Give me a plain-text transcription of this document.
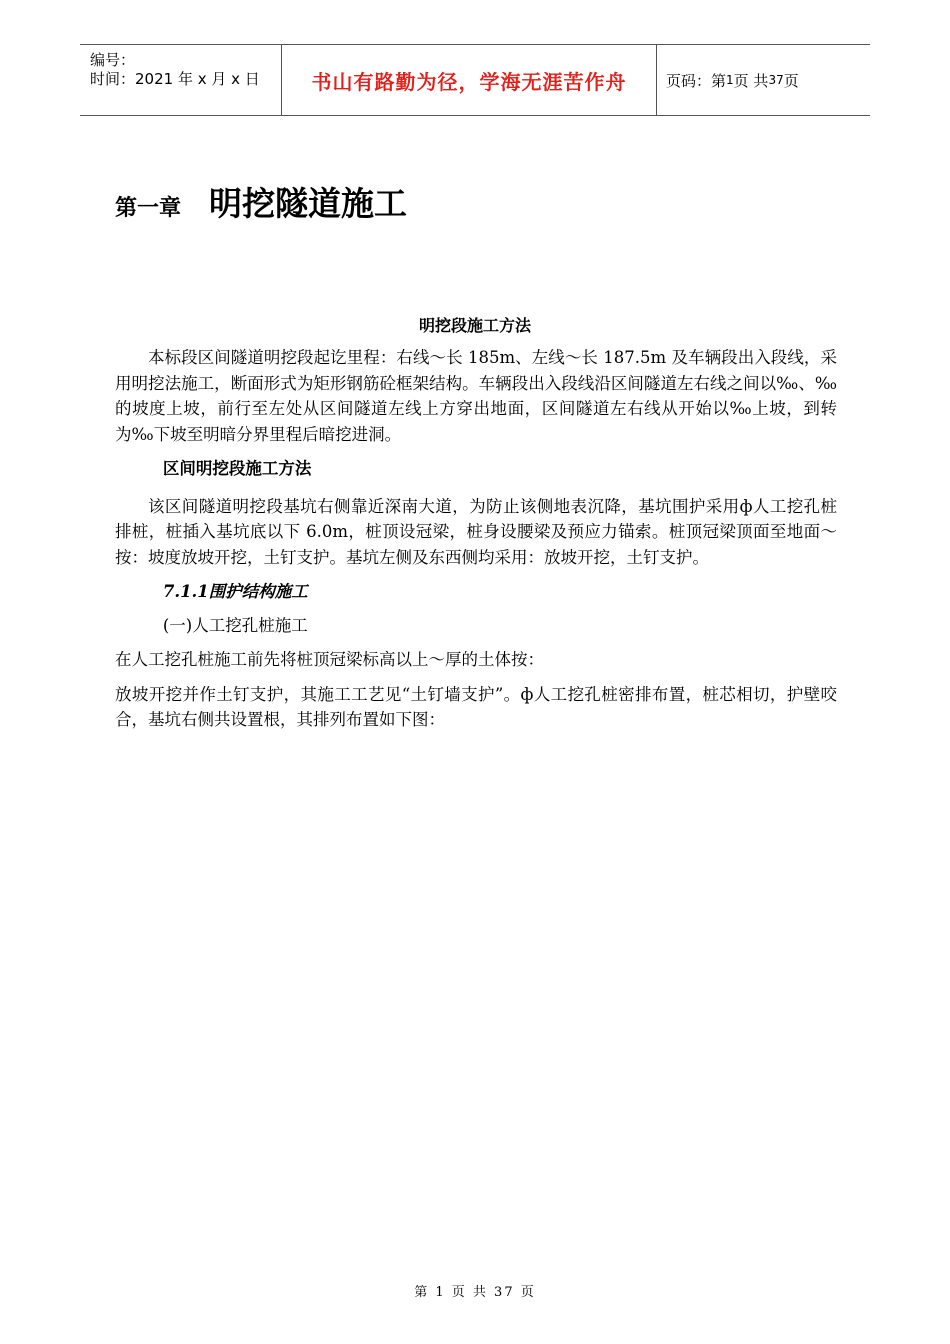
编号：
时间：2021 年 x 月 x 日	书山有路勤为径，学海无涯苦作舟	页码：第 1 页 共 37 页
第一章 明挖隧道施工
明挖段施工方法

本标段区间隧道明挖段起讫里程：右线～长 185m、左线～长 187.5m 及车辆段出入段线，采用明挖法施工，断面形式为矩形钢筋砼框架结构。车辆段出入段线沿区间隧道左右线之间以‰、‰的坡度上坡，前行至左处从区间隧道左线上方穿出地面，区间隧道左右线从开始以‰上坡，到转为‰下坡至明暗分界里程后暗挖进洞。

区间明挖段施工方法

该区间隧道明挖段基坑右侧靠近深南大道，为防止该侧地表沉降，基坑围护采用ф人工挖孔桩排桩，桩插入基坑底以下 6.0m，桩顶设冠梁，桩身设腰梁及预应力锚索。桩顶冠梁顶面至地面～按：坡度放坡开挖，土钉支护。基坑左侧及东西侧均采用：放坡开挖，土钉支护。

7.1.1围护结构施工
(一)人工挖孔桩施工

在人工挖孔桩施工前先将桩顶冠梁标高以上～厚的土体按：

放坡开挖并作土钉支护，其施工工艺见“土钉墙支护”。ф人工挖孔桩密排布置，桩芯相切，护壁咬合，基坑右侧共设置根，其排列布置如下图：

第 1 页 共 37 页
